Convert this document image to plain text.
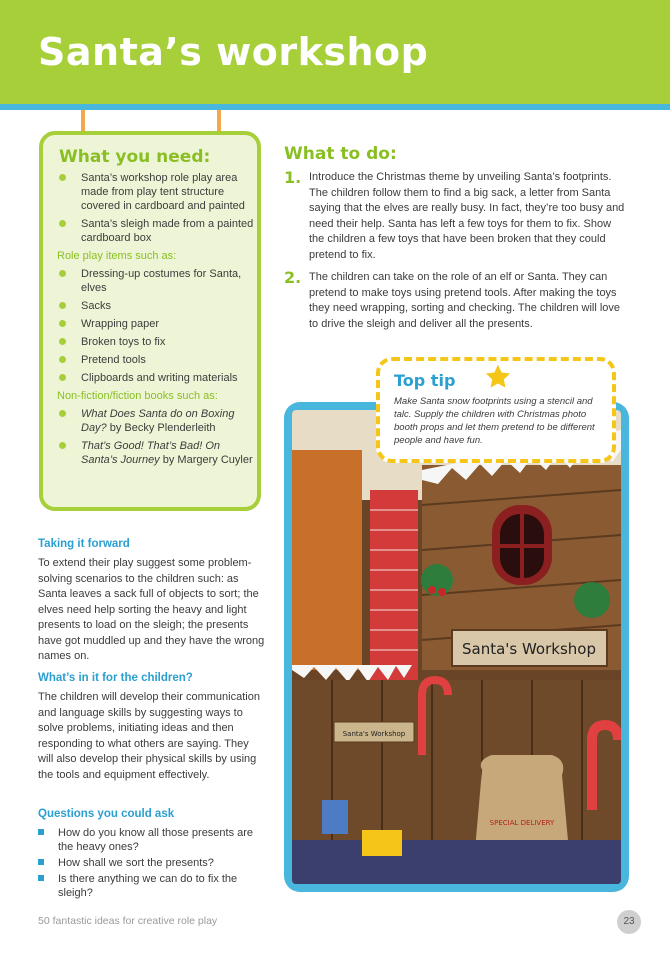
Santa’s workshop
What you need:
Santa’s workshop role play area made from play tent structure covered in cardboard and painted
Santa’s sleigh made from a painted cardboard box
Role play items such as:
Dressing-up costumes for Santa, elves
Sacks
Wrapping paper
Broken toys to fix
Pretend tools
Clipboards and writing materials
Non-fiction/fiction books such as:
What Does Santa do on Boxing Day? by Becky Plenderleith
That’s Good! That’s Bad! On Santa’s Journey by Margery Cuyler
Taking it forward

To extend their play suggest some problem-solving scenarios to the children such: as Santa leaves a sack full of objects to sort; the elves need help sorting the heavy and light presents to load on the sleigh; the presents have got muddled up and they have the wrong names on.

What’s in it for the children?

The children will develop their communication and language skills by suggesting ways to solve problems, initiating ideas and then responding to what others are saying. They will also develop their physical skills by using the tools and equipment effectively.

Questions you could ask
How do you know all those presents are the heavy ones?
How shall we sort the presents?
Is there anything we can do to fix the sleigh?
What to do:
1. Introduce the Christmas theme by unveiling Santa’s footprints. The children follow them to find a big sack, a letter from Santa saying that the elves are really busy. In fact, they’re too busy and need their help. Santa has left a few toys for them to fix. Show the children a few toys that have been broken that they could pretend to fix.

2. The children can take on the role of an elf or Santa. They can pretend to make toys using pretend tools. After making the toys they need wrapping, sorting and checking. The children will love to drive the sleigh and deliver all the presents.

Santa's Workshop
Santa's Workshop
SPECIAL DELIVERY
Top tip

Make Santa snow footprints using a stencil and talc. Supply the children with Christmas photo booth props and let them pretend to be different people and have fun.

50 fantastic ideas for creative role play	23
